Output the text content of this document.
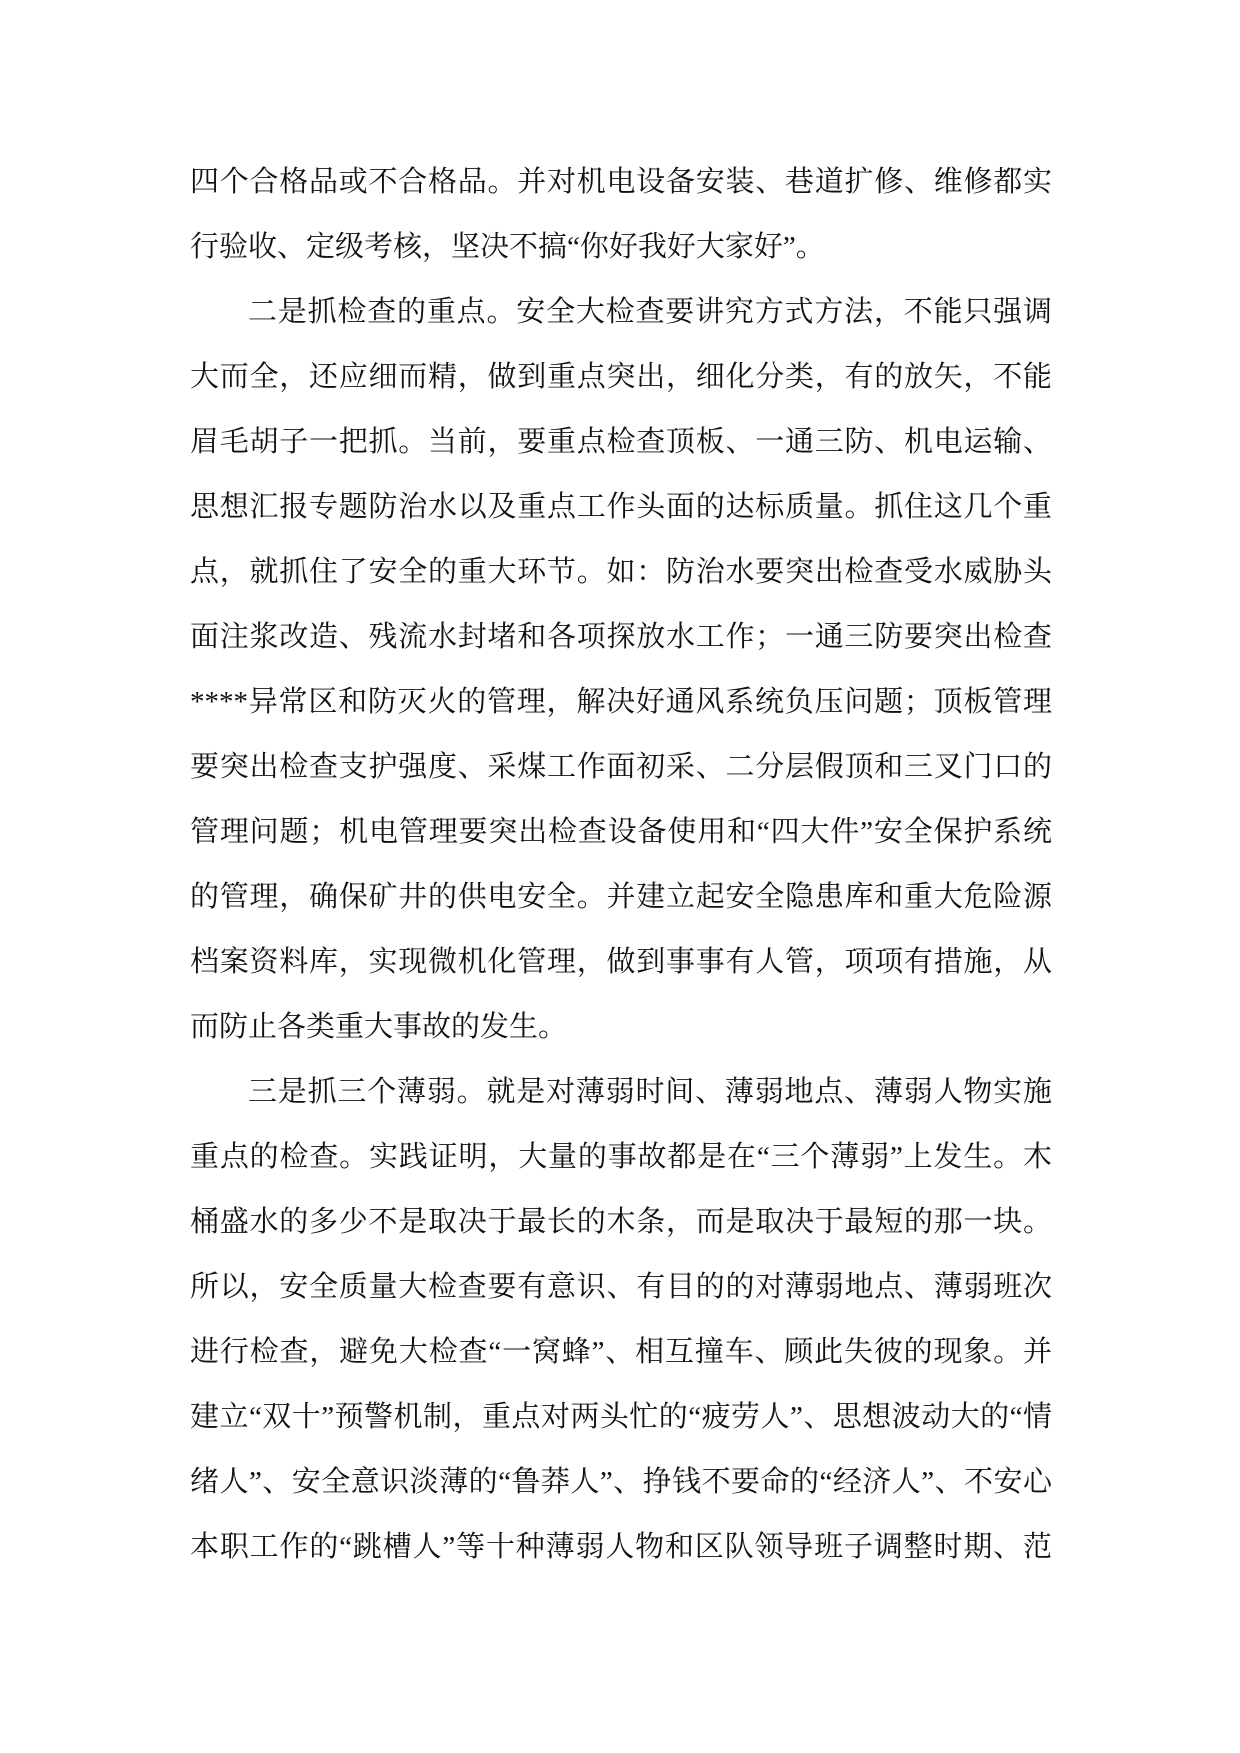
四个合格品或不合格品。并对机电设备安装、巷道扩修、维修都实
行验收、定级考核，坚决不搞“你好我好大家好”。
二是抓检查的重点。安全大检查要讲究方式方法，不能只强调
大而全，还应细而精，做到重点突出，细化分类，有的放矢，不能
眉毛胡子一把抓。当前，要重点检查顶板、一通三防、机电运输、
思想汇报专题防治水以及重点工作头面的达标质量。抓住这几个重
点，就抓住了安全的重大环节。如：防治水要突出检查受水威胁头
面注浆改造、残流水封堵和各项探放水工作；一通三防要突出检查
****异常区和防灭火的管理，解决好通风系统负压问题；顶板管理
要突出检查支护强度、采煤工作面初采、二分层假顶和三叉门口的
管理问题；机电管理要突出检查设备使用和“四大件”安全保护系统
的管理，确保矿井的供电安全。并建立起安全隐患库和重大危险源
档案资料库，实现微机化管理，做到事事有人管，项项有措施，从
而防止各类重大事故的发生。
三是抓三个薄弱。就是对薄弱时间、薄弱地点、薄弱人物实施
重点的检查。实践证明，大量的事故都是在“三个薄弱”上发生。木
桶盛水的多少不是取决于最长的木条，而是取决于最短的那一块。
所以，安全质量大检查要有意识、有目的的对薄弱地点、薄弱班次
进行检查，避免大检查“一窝蜂”、相互撞车、顾此失彼的现象。并
建立“双十”预警机制，重点对两头忙的“疲劳人”、思想波动大的“情
绪人”、安全意识淡薄的“鲁莽人”、挣钱不要命的“经济人”、不安心
本职工作的“跳槽人”等十种薄弱人物和区队领导班子调整时期、范
